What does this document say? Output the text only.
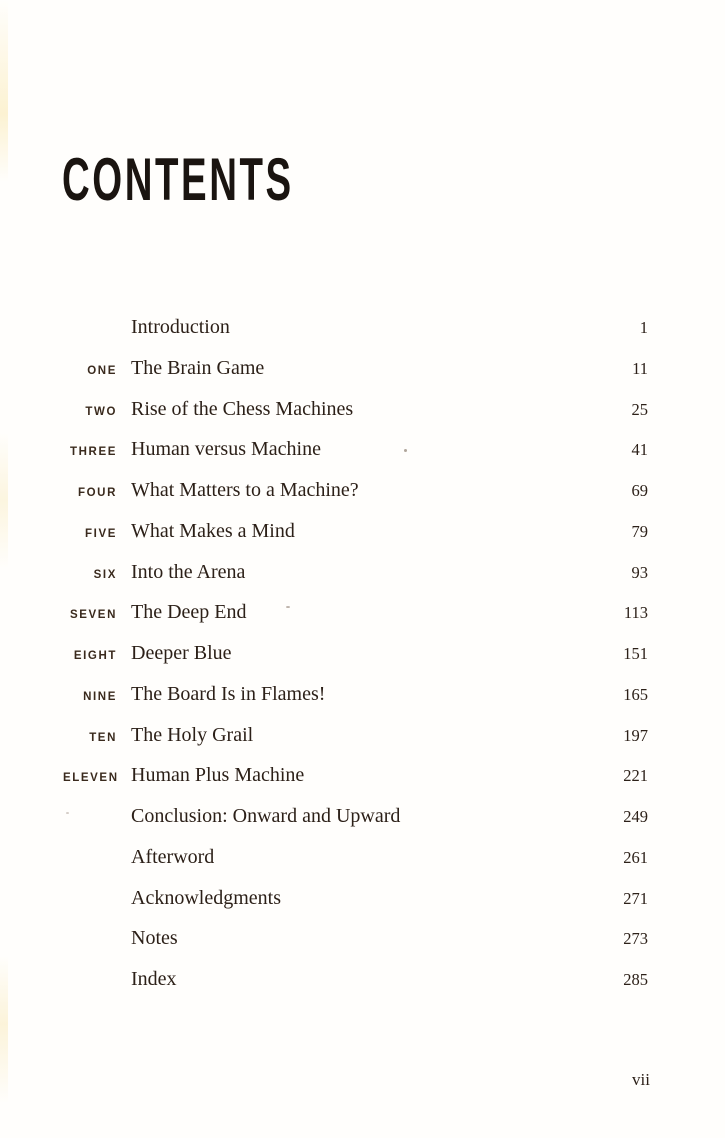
CONTENTS
Introduction	1
ONE The Brain Game	11
TWO Rise of the Chess Machines	25
THREE Human versus Machine	41
FOUR What Matters to a Machine?	69
FIVE What Makes a Mind	79
SIX Into the Arena	93
SEVEN The Deep End	113
EIGHT Deeper Blue	151
NINE The Board Is in Flames!	165
TEN The Holy Grail	197
ELEVEN Human Plus Machine	221
Conclusion: Onward and Upward	249
Afterword	261
Acknowledgments	271
Notes	273
Index	285
vii
